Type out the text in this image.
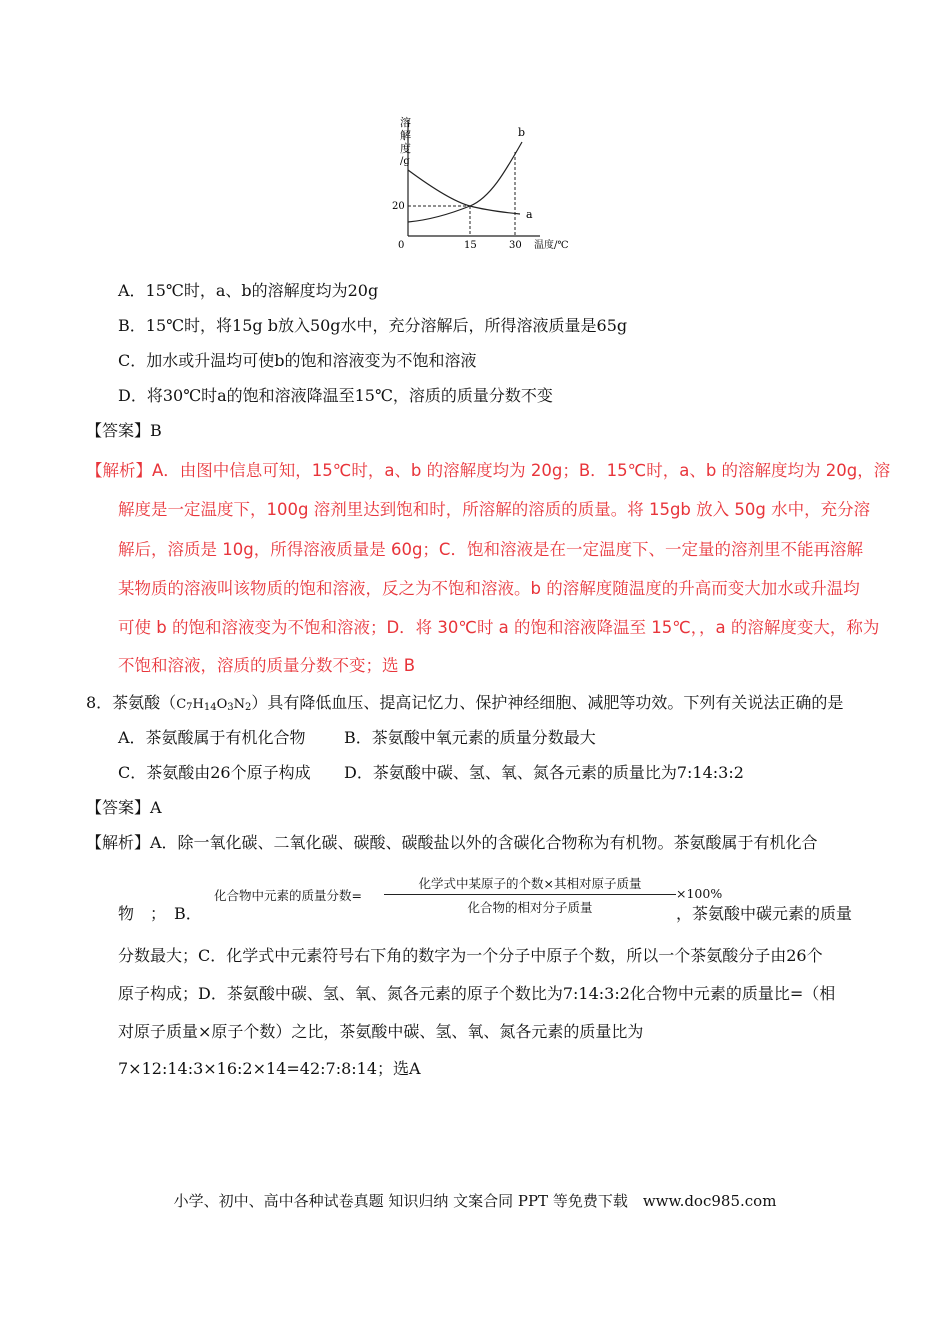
溶
解
度
/g
20
0	15	30 温度/℃
a
b
A．15℃时，a、b的溶解度均为20g
B．15℃时，将15g b放入50g水中，充分溶解后，所得溶液质量是65g
C．加水或升温均可使b的饱和溶液变为不饱和溶液
D．将30℃时a的饱和溶液降温至15℃，溶质的质量分数不变
【答案】B
【解析】A．由图中信息可知，15℃时，a、b 的溶解度均为 20g；B．15℃时，a、b 的溶解度均为 20g，溶
解度是一定温度下，100g 溶剂里达到饱和时，所溶解的溶质的质量。将 15gb 放入 50g 水中，充分溶
解后，溶质是 10g，所得溶液质量是 60g；C．饱和溶液是在一定温度下、一定量的溶剂里不能再溶解
某物质的溶液叫该物质的饱和溶液，反之为不饱和溶液。b 的溶解度随温度的升高而变大加水或升温均
可使 b 的饱和溶液变为不饱和溶液；D．将 30℃时 a 的饱和溶液降温至 15℃，，a 的溶解度变大，称为
不饱和溶液，溶质的质量分数不变；选 B
8．茶氨酸$(C_7H_{14}O_3N_2)$具有降低血压、提高记忆力、保护神经细胞、减肥等功效。下列有关说法正确的是
A．茶氨酸属于有机化合物 B．茶氨酸中氧元素的质量分数最大
C．茶氨酸由26个原子构成 D．茶氨酸中碳、氢、氧、氮各元素的质量比为7:14:3:2
【答案】A
【解析】A．除一氧化碳、二氧化碳、碳酸、碳酸盐以外的含碳化合物称为有机物。茶氨酸属于有机化合
物　；　B．
化合物中元素的质量分数=
化学式中某原子的个数×其相对原子质量
化合物的相对分子质量
×100%
，茶氨酸中碳元素的质量
分数最大；C．化学式中元素符号右下角的数字为一个分子中原子个数，所以一个茶氨酸分子由26个
原子构成；D．茶氨酸中碳、氢、氧、氮各元素的原子个数比为7:14:3:2化合物中元素的质量比=（相
对原子质量×原子个数）之比，茶氨酸中碳、氢、氧、氮各元素的质量比为
7×12:14:3×16:2×14=42:7:8:14；选A
小学、初中、高中各种试卷真题 知识归纳 文案合同 PPT 等免费下载　www.doc985.com
